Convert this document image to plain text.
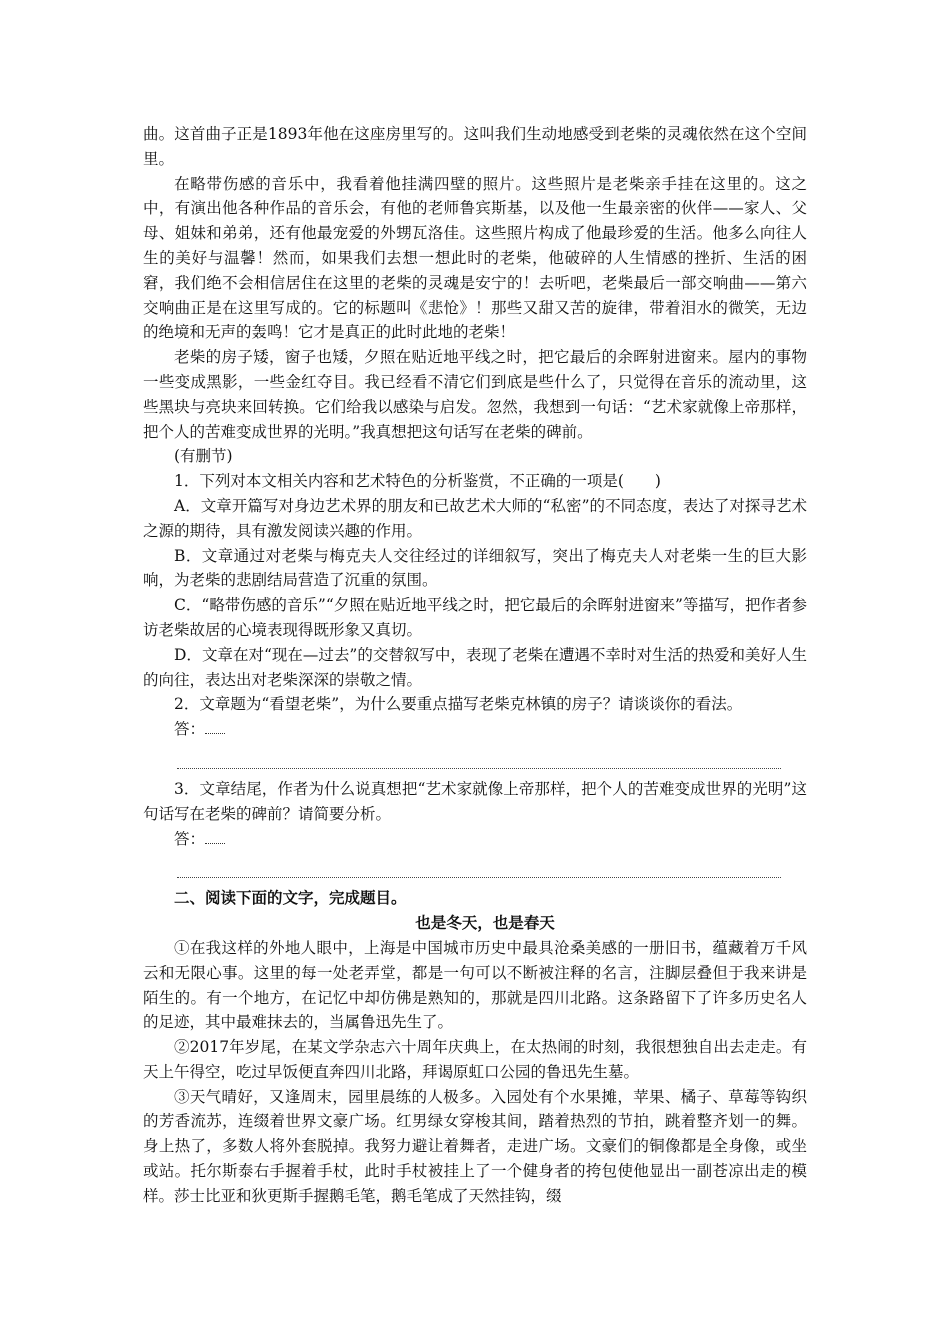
曲。这首曲子正是1893年他在这座房里写的。这叫我们生动地感受到老柴的灵魂依然在这个空间里。

在略带伤感的音乐中，我看着他挂满四壁的照片。这些照片是老柴亲手挂在这里的。这之中，有演出他各种作品的音乐会，有他的老师鲁宾斯基，以及他一生最亲密的伙伴——家人、父母、姐妹和弟弟，还有他最宠爱的外甥瓦洛佳。这些照片构成了他最珍爱的生活。他多么向往人生的美好与温馨！然而，如果我们去想一想此时的老柴，他破碎的人生情感的挫折、生活的困窘，我们绝不会相信居住在这里的老柴的灵魂是安宁的！去听吧，老柴最后一部交响曲——第六交响曲正是在这里写成的。它的标题叫《悲怆》！那些又甜又苦的旋律，带着泪水的微笑，无边的绝境和无声的轰鸣！它才是真正的此时此地的老柴！

老柴的房子矮，窗子也矮，夕照在贴近地平线之时，把它最后的余晖射进窗来。屋内的事物一些变成黑影，一些金红夺目。我已经看不清它们到底是些什么了，只觉得在音乐的流动里，这些黑块与亮块来回转换。它们给我以感染与启发。忽然，我想到一句话：“艺术家就像上帝那样，把个人的苦难变成世界的光明。”我真想把这句话写在老柴的碑前。

(有删节)

1．下列对本文相关内容和艺术特色的分析鉴赏，不正确的一项是(　　)

A．文章开篇写对身边艺术界的朋友和已故艺术大师的“私密”的不同态度，表达了对探寻艺术之源的期待，具有激发阅读兴趣的作用。

B．文章通过对老柴与梅克夫人交往经过的详细叙写，突出了梅克夫人对老柴一生的巨大影响，为老柴的悲剧结局营造了沉重的氛围。

C．“略带伤感的音乐”“夕照在贴近地平线之时，把它最后的余晖射进窗来”等描写，把作者参访老柴故居的心境表现得既形象又真切。

D．文章在对“现在—过去”的交替叙写中，表现了老柴在遭遇不幸时对生活的热爱和美好人生的向往，表达出对老柴深深的崇敬之情。

2．文章题为“看望老柴”，为什么要重点描写老柴克林镇的房子？请谈谈你的看法。

答：

3．文章结尾，作者为什么说真想把“艺术家就像上帝那样，把个人的苦难变成世界的光明”这句话写在老柴的碑前？请简要分析。

答：

二、阅读下面的文字，完成题目。

也是冬天，也是春天

①在我这样的外地人眼中，上海是中国城市历史中最具沧桑美感的一册旧书，蕴藏着万千风云和无限心事。这里的每一处老弄堂，都是一句可以不断被注释的名言，注脚层叠但于我来讲是陌生的。有一个地方，在记忆中却仿佛是熟知的，那就是四川北路。这条路留下了许多历史名人的足迹，其中最难抹去的，当属鲁迅先生了。

②2017年岁尾，在某文学杂志六十周年庆典上，在太热闹的时刻，我很想独自出去走走。有天上午得空，吃过早饭便直奔四川北路，拜谒原虹口公园的鲁迅先生墓。

③天气晴好，又逢周末，园里晨练的人极多。入园处有个水果摊，苹果、橘子、草莓等钩织的芳香流苏，连缀着世界文豪广场。红男绿女穿梭其间，踏着热烈的节拍，跳着整齐划一的舞。身上热了，多数人将外套脱掉。我努力避让着舞者，走进广场。文豪们的铜像都是全身像，或坐或站。托尔斯泰右手握着手杖，此时手杖被挂上了一个健身者的挎包使他显出一副苍凉出走的模样。莎士比亚和狄更斯手握鹅毛笔，鹅毛笔成了天然挂钩，缀
